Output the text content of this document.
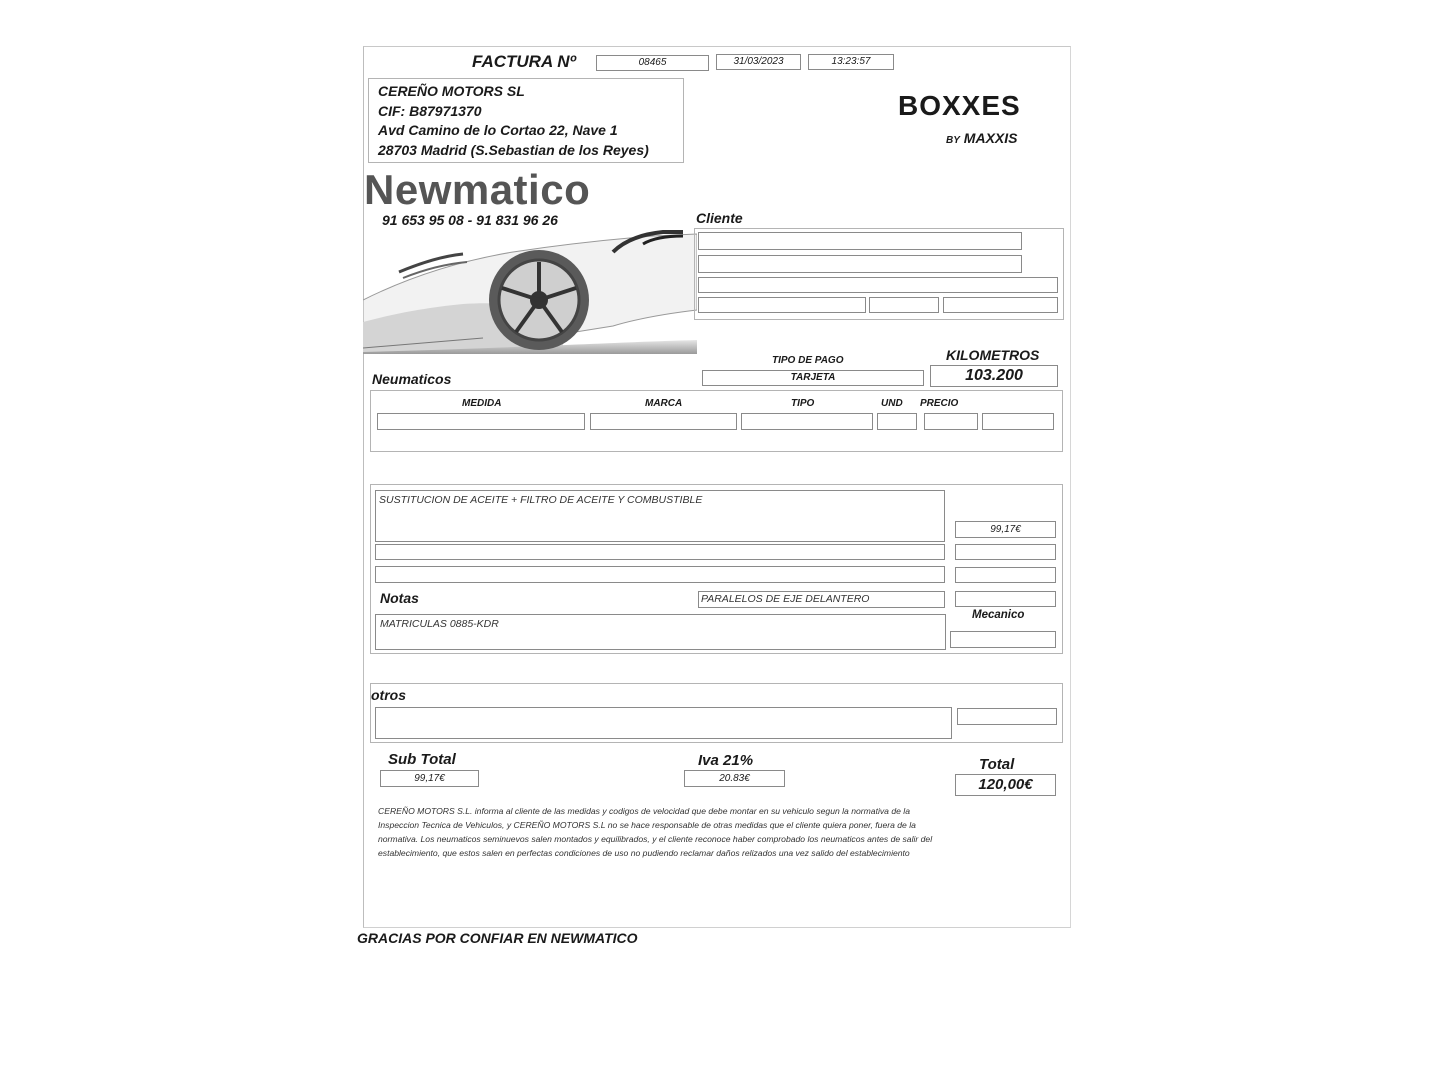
FACTURA Nº	08465	31/03/2023	13:23:57
CEREÑO MOTORS SL
CIF: B87971370
Avd Camino de lo Cortao 22, Nave 1
28703 Madrid (S.Sebastian de los Reyes)
BOXXES
BY MAXXIS
Newmatico
91 653 95 08 - 91 831 96 26	Cliente
TIPO DE PAGO
TARJETA
KILOMETROS
103.200
Neumaticos
MEDIDA	MARCA	TIPO	UND PRECIO
SUSTITUCION DE ACEITE + FILTRO DE ACEITE Y COMBUSTIBLE
99,17€
Notas	PARALELOS DE EJE DELANTERO
MATRICULAS 0885-KDR
Mecanico
otros
Sub Total
99,17€
Iva 21%
20.83€
Total
120,00€
CEREÑO MOTORS S.L. informa al cliente de las medidas y codigos de velocidad que debe montar en su vehiculo segun la normativa de la Inspeccion Tecnica de Vehiculos, y CEREÑO MOTORS S.L no se hace responsable de otras medidas que el cliente quiera poner, fuera de la normativa. Los neumaticos seminuevos salen montados y equilibrados, y el cliente reconoce haber comprobado los neumaticos antes de salir del establecimiento, que estos salen en perfectas condiciones de uso no pudiendo reclamar daños relizados una vez salido del establecimiento
GRACIAS POR CONFIAR EN NEWMATICO
